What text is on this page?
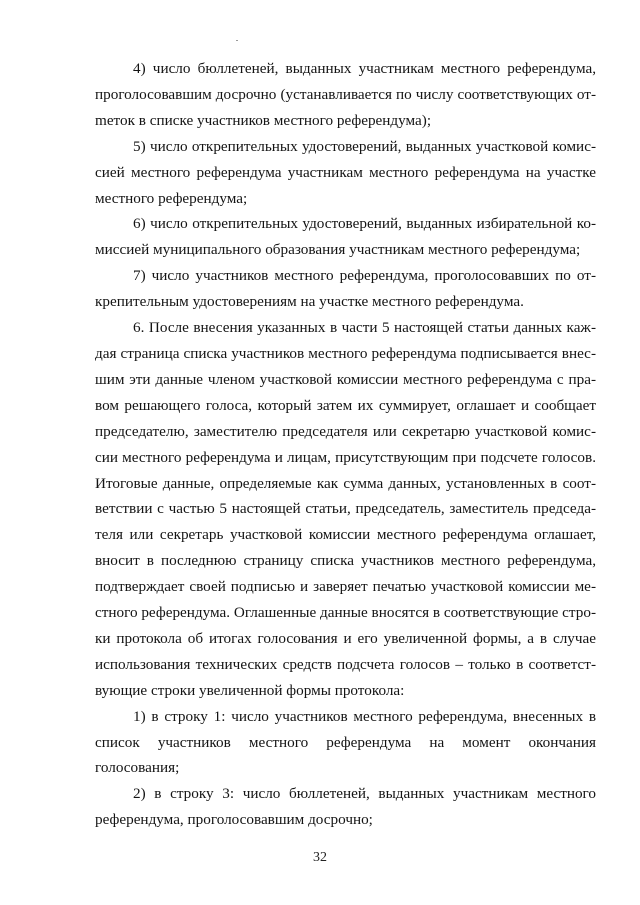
4) число бюллетеней, выданных участникам местного референдума, проголосовавшим досрочно (устанавливается по числу соответствующих отmеток в списке участников местного референдума);

5) число открепительных удостоверений, выданных участковой комиссией местного референдума участникам местного референдума на участке местного референдума;

6) число открепительных удостоверений, выданных избирательной комиссией муниципального образования участникам местного референдума;

7) число участников местного референдума, проголосовавших по открепительным удостоверениям на участке местного референдума.

6. После внесения указанных в части 5 настоящей статьи данных каждая страница списка участников местного референдума подписывается внесшим эти данные членом участковой комиссии местного референдума с правом решающего голоса, который затем их суммирует, оглашает и сообщает председателю, заместителю председателя или секретарю участковой комиссии местного референдума и лицам, присутствующим при подсчете голосов. Итоговые данные, определяемые как сумма данных, установленных в соответствии с частью 5 настоящей статьи, председатель, заместитель председателя или секретарь участковой комиссии местного референдума оглашает, вносит в последнюю страницу списка участников местного референдума, подтверждает своей подписью и заверяет печатью участковой комиссии местного референдума. Оглашенные данные вносятся в соответствующие строки протокола об итогах голосования и его увеличенной формы, а в случае использования технических средств подсчета голосов – только в соответствующие строки увеличенной формы протокола:

1) в строку 1: число участников местного референдума, внесенных в список участников местного референдума на момент окончания голосования;

2) в строку 3: число бюллетеней, выданных участникам местного референдума, проголосовавшим досрочно;

32
